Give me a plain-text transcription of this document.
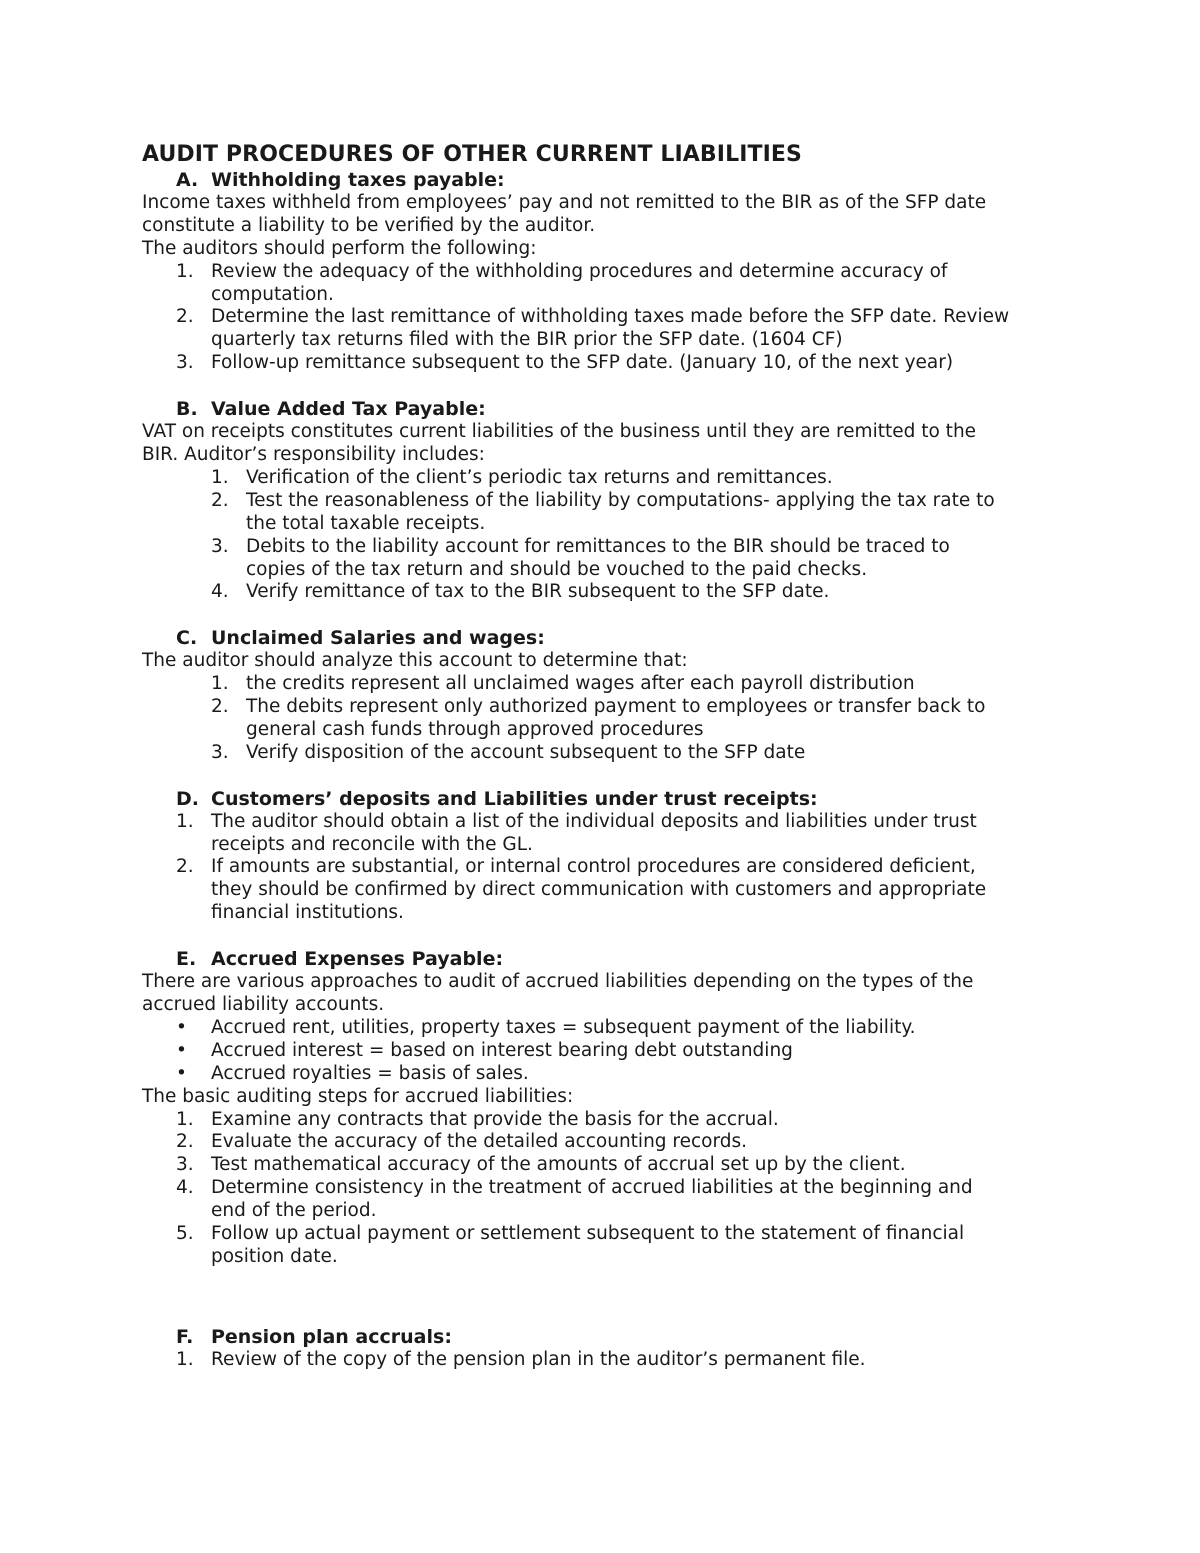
AUDIT PROCEDURES OF OTHER CURRENT LIABILITIES
A. Withholding taxes payable:

Income taxes withheld from employees’ pay and not remitted to the BIR as of the SFP date

constitute a liability to be verified by the auditor.

The auditors should perform the following:

1. Review the adequacy of the withholding procedures and determine accuracy of
computation.
2. Determine the last remittance of withholding taxes made before the SFP date. Review
quarterly tax returns filed with the BIR prior the SFP date. (1604 CF)
3. Follow-up remittance subsequent to the SFP date. (January 10, of the next year)
B. Value Added Tax Payable:

VAT on receipts constitutes current liabilities of the business until they are remitted to the

BIR. Auditor’s responsibility includes:

1. Verification of the client’s periodic tax returns and remittances.
2. Test the reasonableness of the liability by computations- applying the tax rate to
the total taxable receipts.
3. Debits to the liability account for remittances to the BIR should be traced to
copies of the tax return and should be vouched to the paid checks.
4. Verify remittance of tax to the BIR subsequent to the SFP date.
C. Unclaimed Salaries and wages:

The auditor should analyze this account to determine that:

1. the credits represent all unclaimed wages after each payroll distribution
2. The debits represent only authorized payment to employees or transfer back to
general cash funds through approved procedures
3. Verify disposition of the account subsequent to the SFP date
D. Customers’ deposits and Liabilities under trust receipts:
1. The auditor should obtain a list of the individual deposits and liabilities under trust
receipts and reconcile with the GL.
2. If amounts are substantial, or internal control procedures are considered deficient,
they should be confirmed by direct communication with customers and appropriate
financial institutions.
E. Accrued Expenses Payable:

There are various approaches to audit of accrued liabilities depending on the types of the

accrued liability accounts.

•	Accrued rent, utilities, property taxes = subsequent payment of the liability.
•	Accrued interest = based on interest bearing debt outstanding
•	Accrued royalties = basis of sales.

The basic auditing steps for accrued liabilities:

1. Examine any contracts that provide the basis for the accrual.
2. Evaluate the accuracy of the detailed accounting records.
3. Test mathematical accuracy of the amounts of accrual set up by the client.
4. Determine consistency in the treatment of accrued liabilities at the beginning and
end of the period.
5. Follow up actual payment or settlement subsequent to the statement of financial
position date.
F. Pension plan accruals:
1. Review of the copy of the pension plan in the auditor’s permanent file.
